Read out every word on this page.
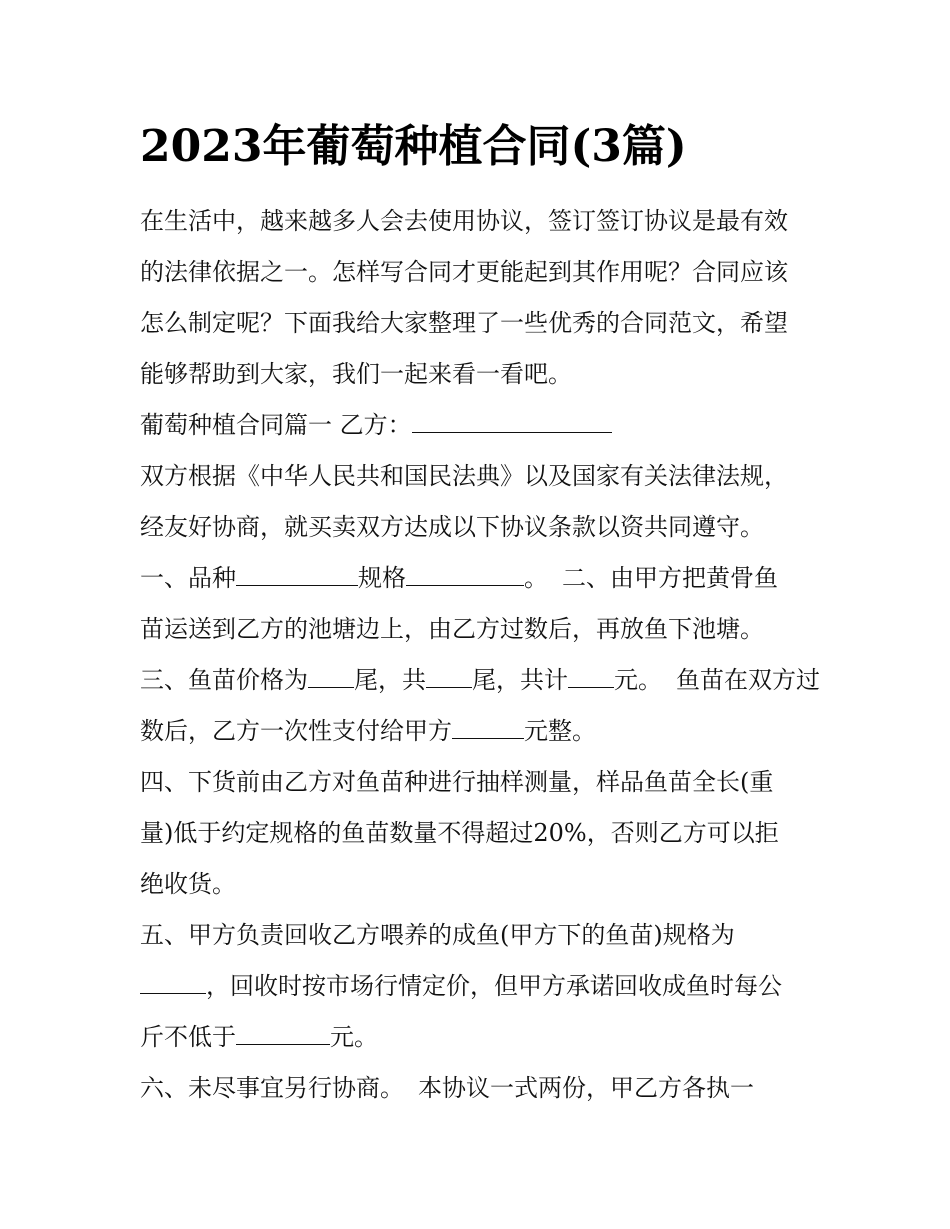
2023年葡萄种植合同(3篇)
在生活中，越来越多人会去使用协议，签订签订协议是最有效
的法律依据之一。怎样写合同才更能起到其作用呢？合同应该
怎么制定呢？下面我给大家整理了一些优秀的合同范文，希望
能够帮助到大家，我们一起来看一看吧。
葡萄种植合同篇一 乙方：
双方根据《中华人民共和国民法典》以及国家有关法律法规，
经友好协商，就买卖双方达成以下协议条款以资共同遵守。
一、品种	规格	。 二、由甲方把黄骨鱼
苗运送到乙方的池塘边上，由乙方过数后，再放鱼下池塘。
三、鱼苗价格为 尾，共 尾，共计 元。 鱼苗在双方过
数后，乙方一次性支付给甲方	元整。
四、下货前由乙方对鱼苗种进行抽样测量，样品鱼苗全长(重
量)低于约定规格的鱼苗数量不得超过20%，否则乙方可以拒
绝收货。
五、甲方负责回收乙方喂养的成鱼(甲方下的鱼苗)规格为
，回收时按市场行情定价，但甲方承诺回收成鱼时每公
斤不低于	元。
六、未尽事宜另行协商。 本协议一式两份，甲乙方各执一
